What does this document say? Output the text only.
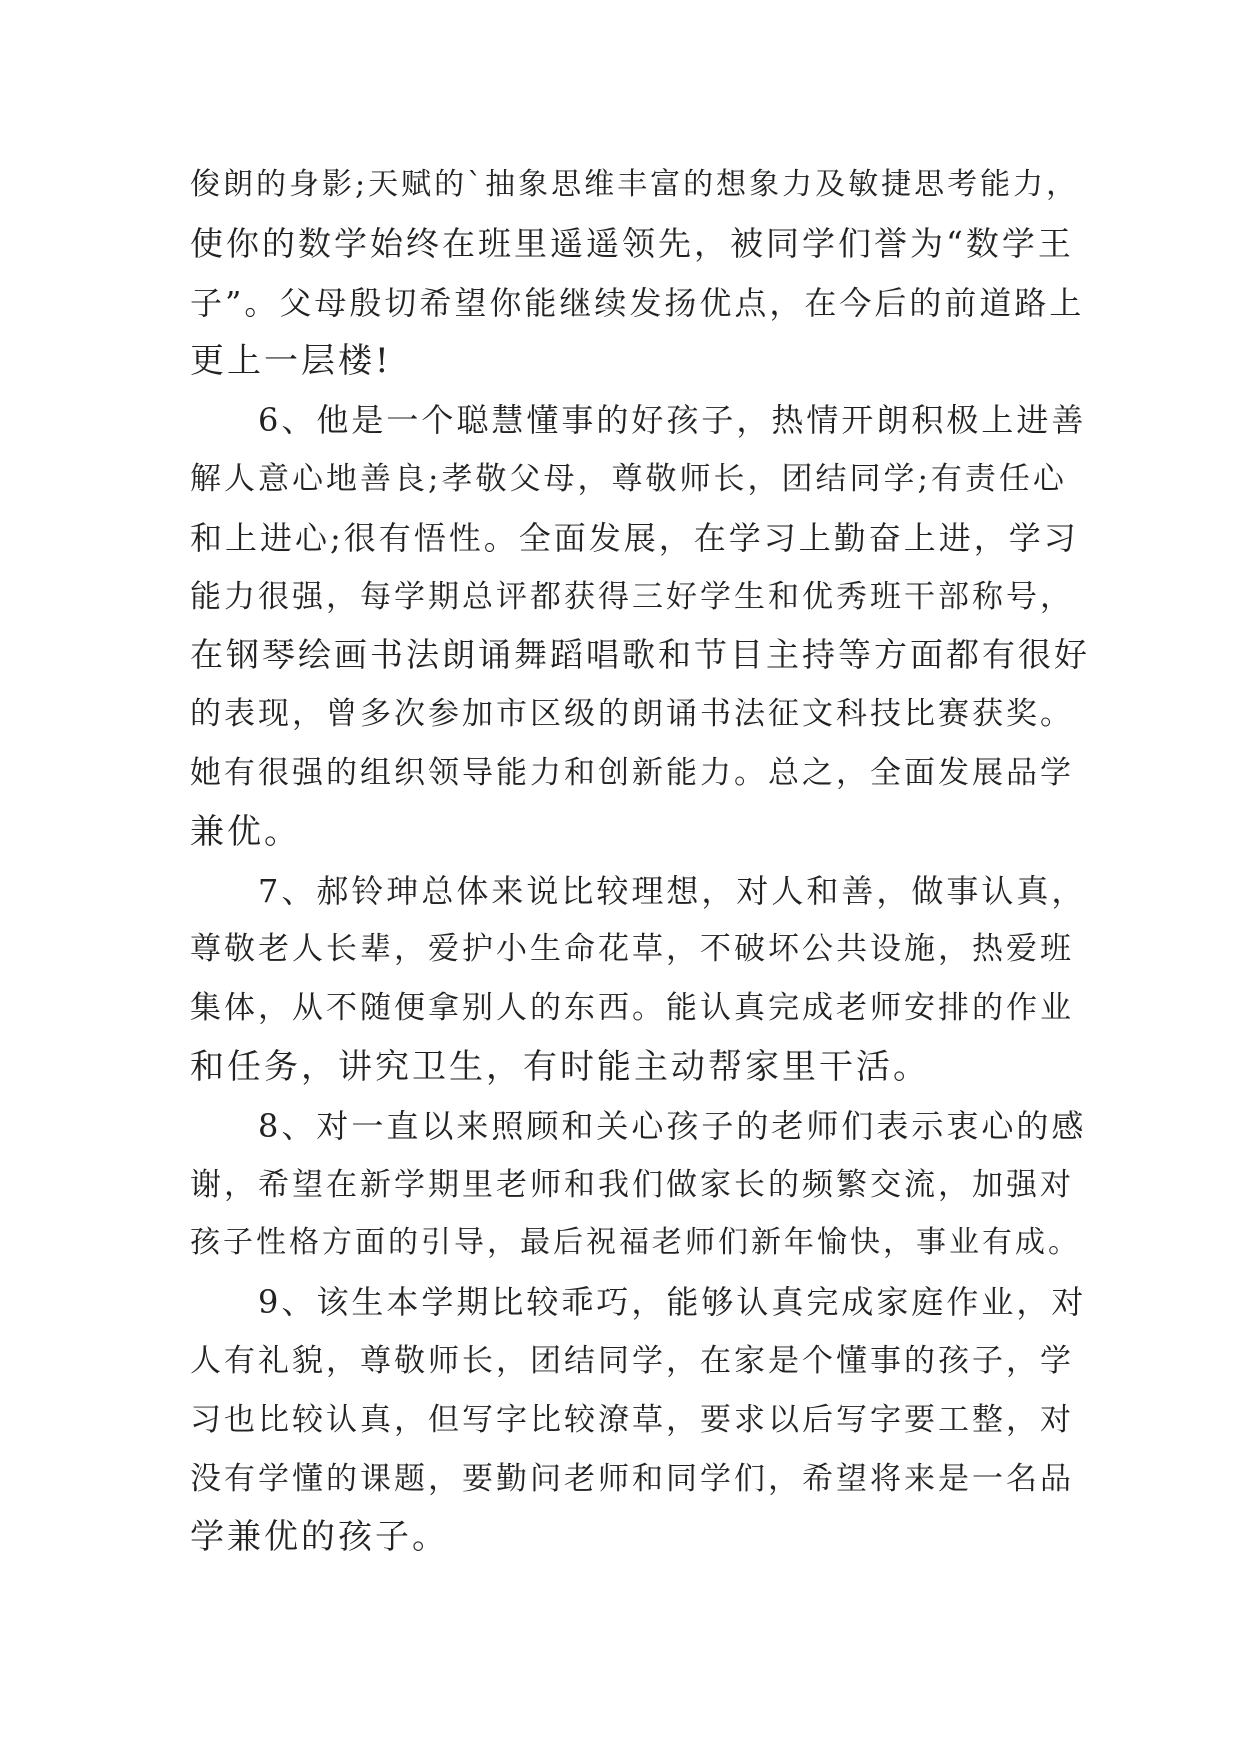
俊朗的身影;天赋的`抽象思维丰富的想象力及敏捷思考能力，
使你的数学始终在班里遥遥领先，被同学们誉为“数学王
子”。父母殷切希望你能继续发扬优点，在今后的前道路上
更上一层楼!
6、他是一个聪慧懂事的好孩子，热情开朗积极上进善
解人意心地善良;孝敬父母，尊敬师长，团结同学;有责任心
和上进心;很有悟性。全面发展，在学习上勤奋上进，学习
能力很强，每学期总评都获得三好学生和优秀班干部称号，
在钢琴绘画书法朗诵舞蹈唱歌和节目主持等方面都有很好
的表现，曾多次参加市区级的朗诵书法征文科技比赛获奖。
她有很强的组织领导能力和创新能力。总之，全面发展品学
兼优。
7、郝铃珅总体来说比较理想，对人和善，做事认真，
尊敬老人长辈，爱护小生命花草，不破坏公共设施，热爱班
集体，从不随便拿别人的东西。能认真完成老师安排的作业
和任务，讲究卫生，有时能主动帮家里干活。
8、对一直以来照顾和关心孩子的老师们表示衷心的感
谢，希望在新学期里老师和我们做家长的频繁交流，加强对
孩子性格方面的引导，最后祝福老师们新年愉快，事业有成。
9、该生本学期比较乖巧，能够认真完成家庭作业，对
人有礼貌，尊敬师长，团结同学，在家是个懂事的孩子，学
习也比较认真，但写字比较潦草，要求以后写字要工整，对
没有学懂的课题，要勤问老师和同学们，希望将来是一名品
学兼优的孩子。
